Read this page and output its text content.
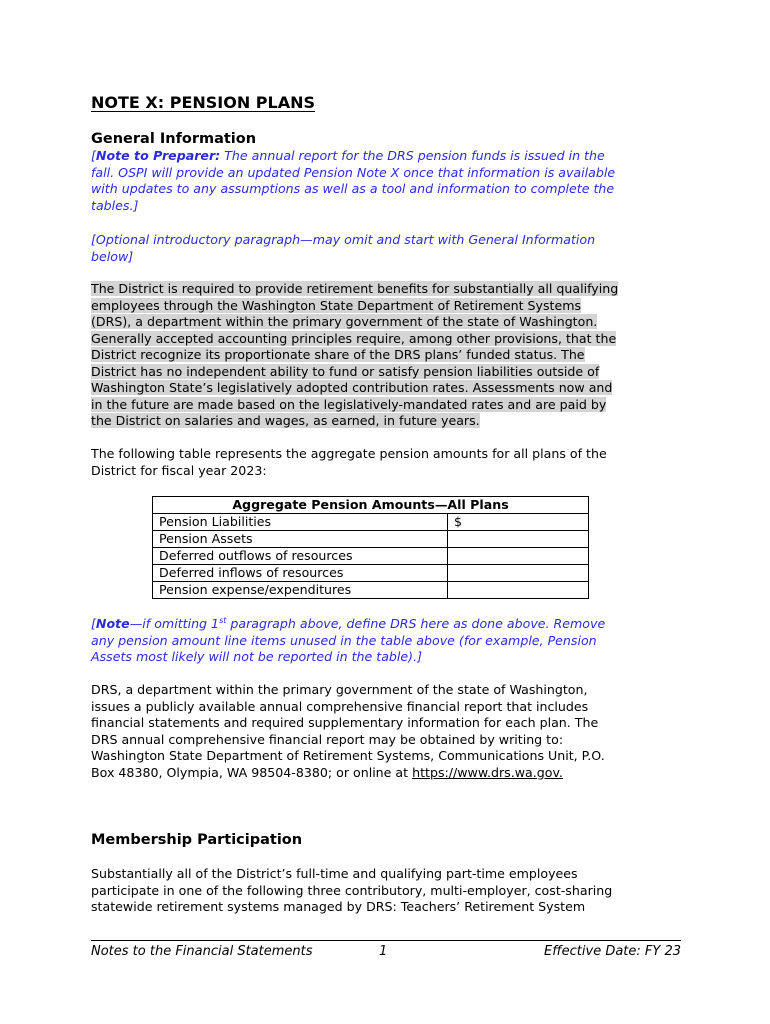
NOTE X: PENSION PLANS
General Information
[Note to Preparer: The annual report for the DRS pension funds is issued in the
fall. OSPI will provide an updated Pension Note X once that information is available
with updates to any assumptions as well as a tool and information to complete the
tables.]
[Optional introductory paragraph—may omit and start with General Information
below]
The District is required to provide retirement benefits for substantially all qualifying
employees through the Washington State Department of Retirement Systems
(DRS), a department within the primary government of the state of Washington.
Generally accepted accounting principles require, among other provisions, that the
District recognize its proportionate share of the DRS plans’ funded status. The
District has no independent ability to fund or satisfy pension liabilities outside of
Washington State’s legislatively adopted contribution rates. Assessments now and
in the future are made based on the legislatively-mandated rates and are paid by
the District on salaries and wages, as earned, in future years.
The following table represents the aggregate pension amounts for all plans of the
District for fiscal year 2023:
Aggregate Pension Amounts—All Plans	
Pension Liabilities	$
Pension Assets	
Deferred outflows of resources	
Deferred inflows of resources	
Pension expense/expenditures	
[Note—if omitting 1st paragraph above, define DRS here as done above. Remove
any pension amount line items unused in the table above (for example, Pension
Assets most likely will not be reported in the table).]
DRS, a department within the primary government of the state of Washington,
issues a publicly available annual comprehensive financial report that includes
financial statements and required supplementary information for each plan. The
DRS annual comprehensive financial report may be obtained by writing to:
Washington State Department of Retirement Systems, Communications Unit, P.O.
Box 48380, Olympia, WA 98504-8380; or online at https://www.drs.wa.gov.
Membership Participation
Substantially all of the District’s full-time and qualifying part-time employees
participate in one of the following three contributory, multi-employer, cost-sharing
statewide retirement systems managed by DRS: Teachers’ Retirement System
Notes to the Financial Statements	1	Effective Date: FY 23
